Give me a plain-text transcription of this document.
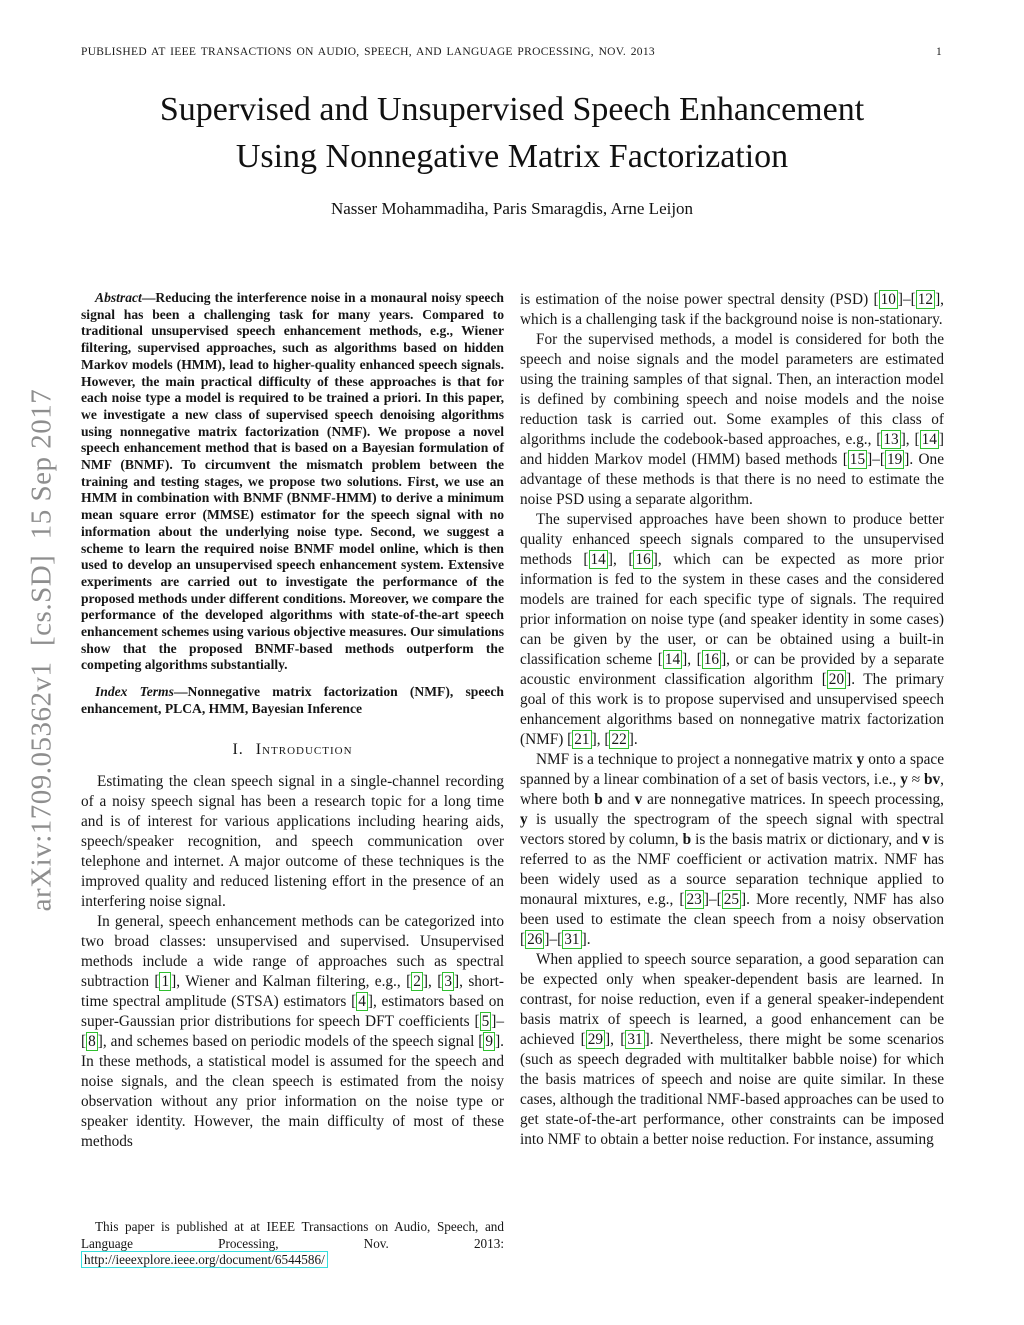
arXiv:1709.05362v1  [cs.SD]  15 Sep 2017
PUBLISHED AT IEEE TRANSACTIONS ON AUDIO, SPEECH, AND LANGUAGE PROCESSING, NOV. 2013	1
Supervised and Unsupervised Speech Enhancement
Using Nonnegative Matrix Factorization
Nasser Mohammadiha, Paris Smaragdis, Arne Leijon

Abstract—Reducing the interference noise in a monaural noisy speech signal has been a challenging task for many years. Compared to traditional unsupervised speech enhancement methods, e.g., Wiener filtering, supervised approaches, such as algorithms based on hidden Markov models (HMM), lead to higher-quality enhanced speech signals. However, the main practical difficulty of these approaches is that for each noise type a model is required to be trained a priori. In this paper, we investigate a new class of supervised speech denoising algorithms using nonnegative matrix factorization (NMF). We propose a novel speech enhancement method that is based on a Bayesian formulation of NMF (BNMF). To circumvent the mismatch problem between the training and testing stages, we propose two solutions. First, we use an HMM in combination with BNMF (BNMF-HMM) to derive a minimum mean square error (MMSE) estimator for the speech signal with no information about the underlying noise type. Second, we suggest a scheme to learn the required noise BNMF model online, which is then used to develop an unsupervised speech enhancement system. Extensive experiments are carried out to investigate the performance of the proposed methods under different conditions. Moreover, we compare the performance of the developed algorithms with state-of-the-art speech enhancement schemes using various objective measures. Our simulations show that the proposed BNMF-based methods outperform the competing algorithms substantially.

Index Terms—Nonnegative matrix factorization (NMF), speech enhancement, PLCA, HMM, Bayesian Inference

I. Introduction

Estimating the clean speech signal in a single-channel recording of a noisy speech signal has been a research topic for a long time and is of interest for various applications including hearing aids, speech/speaker recognition, and speech communication over telephone and internet. A major outcome of these techniques is the improved quality and reduced listening effort in the presence of an interfering noise signal.

In general, speech enhancement methods can be categorized into two broad classes: unsupervised and supervised. Unsupervised methods include a wide range of approaches such as spectral subtraction [ 1 ], Wiener and Kalman filtering, e.g., [ 2 ], [ 3 ], short-time spectral amplitude (STSA) estimators [ 4 ], estimators based on super-Gaussian prior distributions for speech DFT coefficients [ 5 ]–[ 8 ], and schemes based on periodic models of the speech signal [ 9 ]. In these methods, a statistical model is assumed for the speech and noise signals, and the clean speech is estimated from the noisy observation without any prior information on the noise type or speaker identity. However, the main difficulty of most of these methods

is estimation of the noise power spectral density (PSD) [ 10 ]–[ 12 ], which is a challenging task if the background noise is non-stationary.

For the supervised methods, a model is considered for both the speech and noise signals and the model parameters are estimated using the training samples of that signal. Then, an interaction model is defined by combining speech and noise models and the noise reduction task is carried out. Some examples of this class of algorithms include the codebook-based approaches, e.g., [ 13 ], [ 14 ] and hidden Markov model (HMM) based methods [ 15 ]–[ 19 ]. One advantage of these methods is that there is no need to estimate the noise PSD using a separate algorithm.

The supervised approaches have been shown to produce better quality enhanced speech signals compared to the unsupervised methods [ 14 ], [ 16 ], which can be expected as more prior information is fed to the system in these cases and the considered models are trained for each specific type of signals. The required prior information on noise type (and speaker identity in some cases) can be given by the user, or can be obtained using a built-in classification scheme [ 14 ], [ 16 ], or can be provided by a separate acoustic environment classification algorithm [ 20 ]. The primary goal of this work is to propose supervised and unsupervised speech enhancement algorithms based on nonnegative matrix factorization (NMF) [ 21 ], [ 22 ].

NMF is a technique to project a nonnegative matrix y onto a space spanned by a linear combination of a set of basis vectors, i.e., y ≈ bv, where both b and v are nonnegative matrices. In speech processing, y is usually the spectrogram of the speech signal with spectral vectors stored by column, b is the basis matrix or dictionary, and v is referred to as the NMF coefficient or activation matrix. NMF has been widely used as a source separation technique applied to monaural mixtures, e.g., [ 23 ]–[ 25 ]. More recently, NMF has also been used to estimate the clean speech from a noisy observation [ 26 ]–[ 31 ].

When applied to speech source separation, a good separation can be expected only when speaker-dependent basis are learned. In contrast, for noise reduction, even if a general speaker-independent basis matrix of speech is learned, a good enhancement can be achieved [ 29 ], [ 31 ]. Nevertheless, there might be some scenarios (such as speech degraded with multitalker babble noise) for which the basis matrices of speech and noise are quite similar. In these cases, although the traditional NMF-based approaches can be used to get state-of-the-art performance, other constraints can be imposed into NMF to obtain a better noise reduction. For instance, assuming

This paper is published at at IEEE Transactions on Audio, Speech, and Language Processing, Nov. 2013: http://ieeexplore.ieee.org/document/6544586/
